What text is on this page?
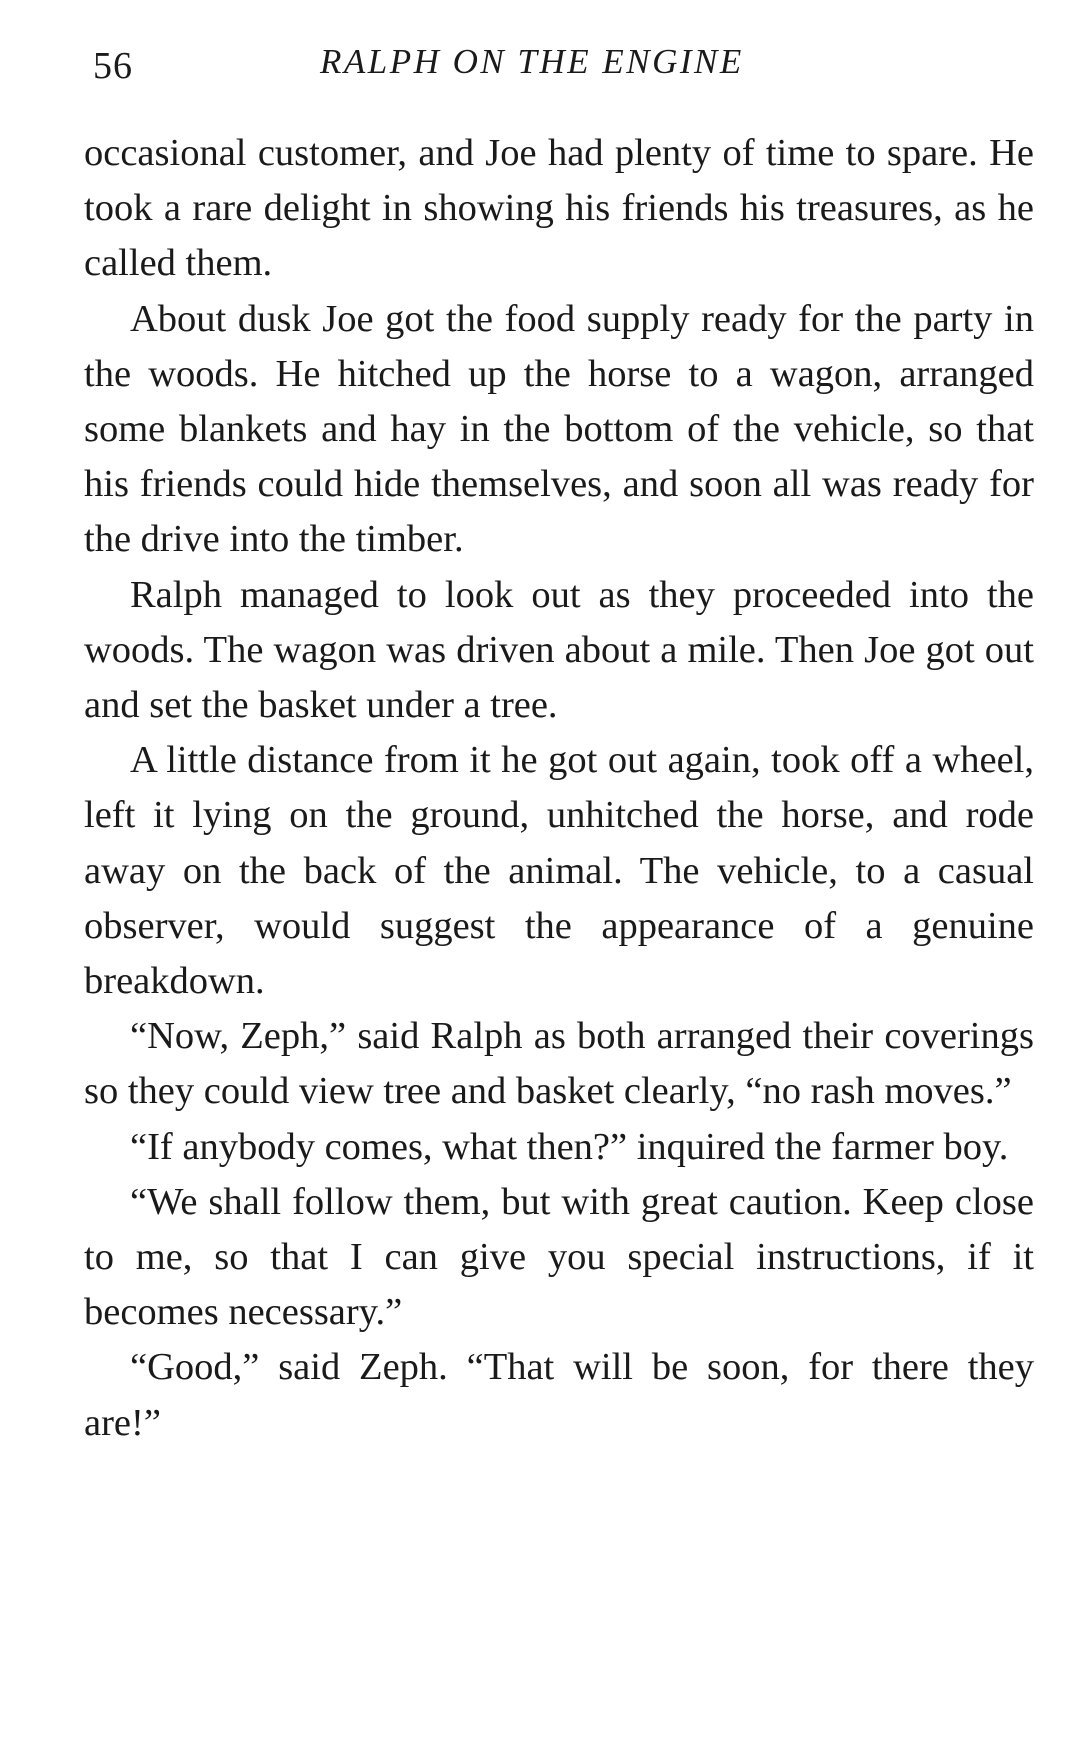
56	RALPH ON THE ENGINE

occasional customer, and Joe had plenty of time to spare. He took a rare delight in showing his friends his treasures, as he called them.

About dusk Joe got the food supply ready for the party in the woods. He hitched up the horse to a wagon, arranged some blankets and hay in the bottom of the vehicle, so that his friends could hide themselves, and soon all was ready for the drive into the timber.

Ralph managed to look out as they proceeded into the woods. The wagon was driven about a mile. Then Joe got out and set the basket under a tree.

A little distance from it he got out again, took off a wheel, left it lying on the ground, unhitched the horse, and rode away on the back of the animal. The vehicle, to a casual observer, would suggest the appearance of a genuine breakdown.

“Now, Zeph,” said Ralph as both arranged their coverings so they could view tree and basket clearly, “no rash moves.”

“If anybody comes, what then?” inquired the farmer boy.

“We shall follow them, but with great caution. Keep close to me, so that I can give you special instructions, if it becomes necessary.”

“Good,” said Zeph. “That will be soon, for there they are!”
